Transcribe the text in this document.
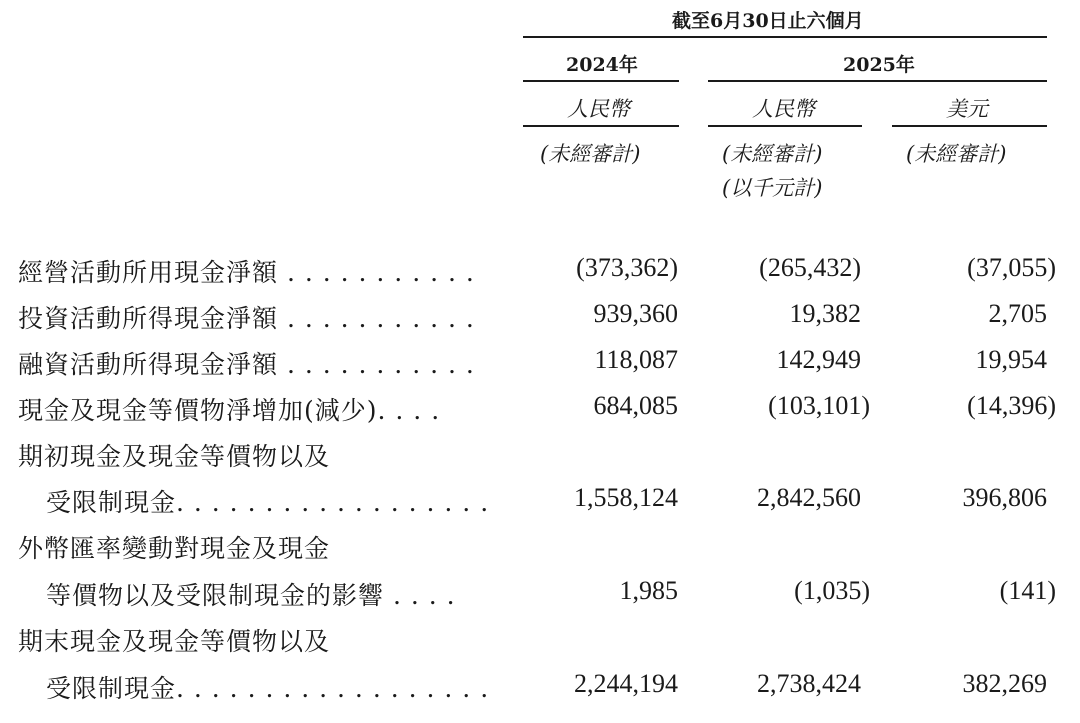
截至6月30日止六個月
2024年	2025年
人民幣	人民幣	美元
(未經審計)	(未經審計)	(未經審計)
(以千元計)
經營活動所用現金淨額 . . . . . . . . . . .	(373,362)	(265,432)	(37,055)
投資活動所得現金淨額 . . . . . . . . . . .	939,360	19,382	2,705
融資活動所得現金淨額 . . . . . . . . . . .	118,087	142,949	19,954
現金及現金等價物淨增加(減少). . . .	684,085	(103,101)	(14,396)
期初現金及現金等價物以及
受限制現金. . . . . . . . . . . . . . . . . .	1,558,124	2,842,560	396,806
外幣匯率變動對現金及現金
等價物以及受限制現金的影響 . . . .	1,985	(1,035)	(141)
期末現金及現金等價物以及
受限制現金. . . . . . . . . . . . . . . . . .	2,244,194	2,738,424	382,269
